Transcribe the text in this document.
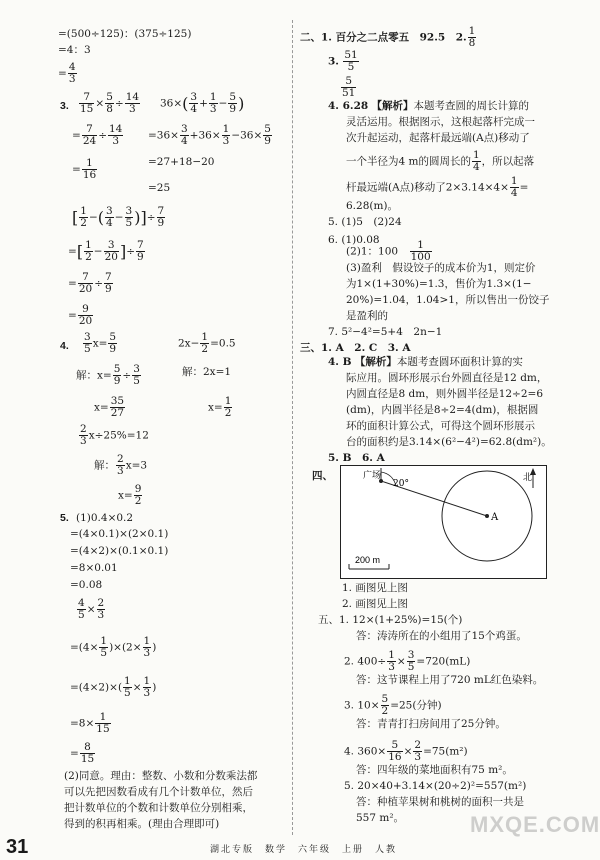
=(500÷125)：(375÷125)
=4：3
= $\frac{4}{3}$
3. $\frac{7}{15} \times \frac{5}{8} \div \frac{14}{3} 36\times( \frac{3}{4} + \frac{1}{3} - \frac{5}{9}$ )
= $\frac{7}{24} \div \frac{14}{3} =36\times \frac{3}{4} +36\times \frac{1}{3} -36\times \frac{5}{9}$
= $\frac{1}{16}$	=27+18−20
=25
[ $\frac{1}{2}$ −( $\frac{3}{4} - \frac{3}{5}$ )]÷ $\frac{7}{9}$
=[ $\frac{1}{2} - \frac{3}{20}$ ]÷ $\frac{7}{9}$
= $\frac{7}{20} \div \frac{7}{9}$
= $\frac{9}{20}$
4. $\frac{3}{5} x= \frac{5}{9}$	$2x- \frac{1}{2} =0.5$
解：$x= \frac{5}{9} \div \frac{3}{5}$	解：2x=1
$x= \frac{35}{27}$	$x= \frac{1}{2}$
$\frac{2}{3} x\div 25\%=12$
解： $\frac{2}{3} x=3$
$x= \frac{9}{2}$
5. (1)0.4×0.2
=(4×0.1)×(2×0.1)
=(4×2)×(0.1×0.1)
=8×0.01
=0.08
$\frac{4}{5} \times \frac{2}{3}$
$=(4\times \frac{1}{5} )\times(2\times \frac{1}{3}$ )
$=(4\times 2)\times( \frac{1}{5} \times \frac{1}{3}$ )
$=8\times \frac{1}{15}$
= $\frac{8}{15}$
(2)同意。理由：整数、小数和分数乘法都
可以先把因数看成有几个计数单位，然后
把计数单位的个数和计数单位分别相乘，
得到的积再相乘。(理由合理即可)
二、1. 百分之二点零五　92.5　2. $\frac{1}{8}$
3. $\frac{51}{5}$
$\frac{5}{51}$
4. 6.28 【解析】本题考查圆的周长计算的
灵活运用。根据图示，这根起落杆完成一
次升起运动，起落杆最远端(A点)移动了
一个半径为4 m的圆周长的 $\frac{1}{4}$ ，所以起落
杆最远端(A点)移动了$2\times 3.14\times 4\times \frac{1}{4}$ =
6.28(m)。
5. (1)5　(2)24
6. (1)0.08
(2)1：100　 $\frac{1}{100}$
(3)盈利　假设饺子的成本价为1，则定价
为1×(1+30%)=1.3，售价为1.3×(1−
20%)=1.04，1.04>1，所以售出一份饺子
是盈利的
7. 5²−4²=5+4　2n−1
三、1. A　2. C　3. A
4. B 【解析】本题考查圆环面积计算的实
际应用。圆环形展示台外圆直径是12 dm，
内圆直径是8 dm，则外圆半径是12÷2=6
(dm)，内圆半径是8÷2=4(dm)，根据圆
环的面积计算公式，可得这个圆环形展示
台的面积约是3.14×(6²−4²)=62.8(dm²)。
5. B　6. A
四、	广场
20°
北
A
200 m
1. 画图见上图
2. 画图见上图
五、1. 12×(1+25%)=15(个)
答：涛涛所在的小组用了15个鸡蛋。
2. $400\div \frac{1}{3} \times \frac{3}{5} =720(mL)$
答：这节课程上用了720 mL红色染料。
3. $10\times \frac{5}{2} =25$(分钟)
答：青青打扫房间用了25分钟。
4. $360\times \frac{5}{16} \times \frac{2}{3} =75(m^2)$
答：四年级的菜地面积有75 m²。
5. 20×40+3.14×(20÷2)²=557(m²)
答：种植苹果树和桃树的面积一共是
557 m²。
31	湖北专版　数学　六年级　上册　人教
MXQE.COM
